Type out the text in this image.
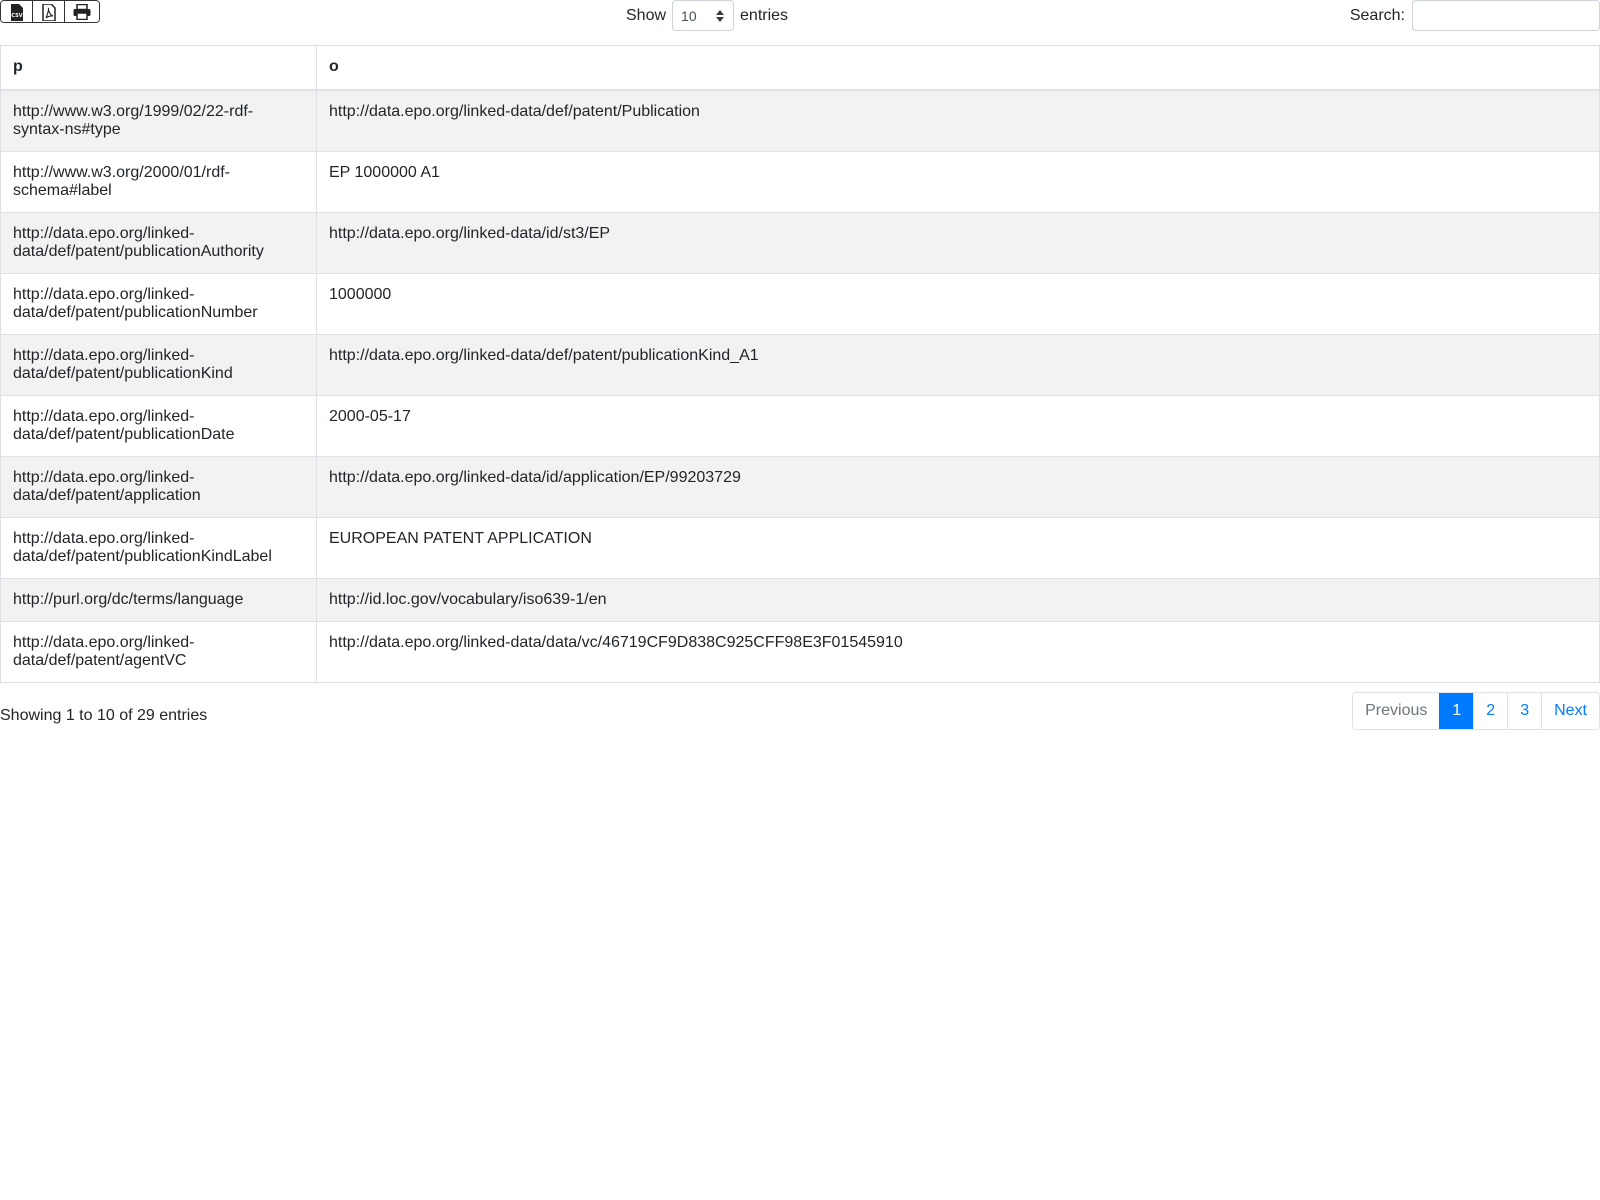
CSV	Show 10	entries	Search:
p	o
http://www.w3.org/1999/02/22-rdf-syntax-ns#type	http://data.epo.org/linked-data/def/patent/Publication
http://www.w3.org/2000/01/rdf-schema#label	EP 1000000 A1
http://data.epo.org/linked-data/def/patent/publicationAuthority	http://data.epo.org/linked-data/id/st3/EP
http://data.epo.org/linked-data/def/patent/publicationNumber	1000000
http://data.epo.org/linked-data/def/patent/publicationKind	http://data.epo.org/linked-data/def/patent/publicationKind_A1
http://data.epo.org/linked-data/def/patent/publicationDate	2000-05-17
http://data.epo.org/linked-data/def/patent/application	http://data.epo.org/linked-data/id/application/EP/99203729
http://data.epo.org/linked-data/def/patent/publicationKindLabel	EUROPEAN PATENT APPLICATION
http://purl.org/dc/terms/language	http://id.loc.gov/vocabulary/iso639-1/en
http://data.epo.org/linked-data/def/patent/agentVC	http://data.epo.org/linked-data/data/vc/46719CF9D838C925CFF98E3F01545910
Showing 1 to 10 of 29 entries	Previous	1	2	3	Next
